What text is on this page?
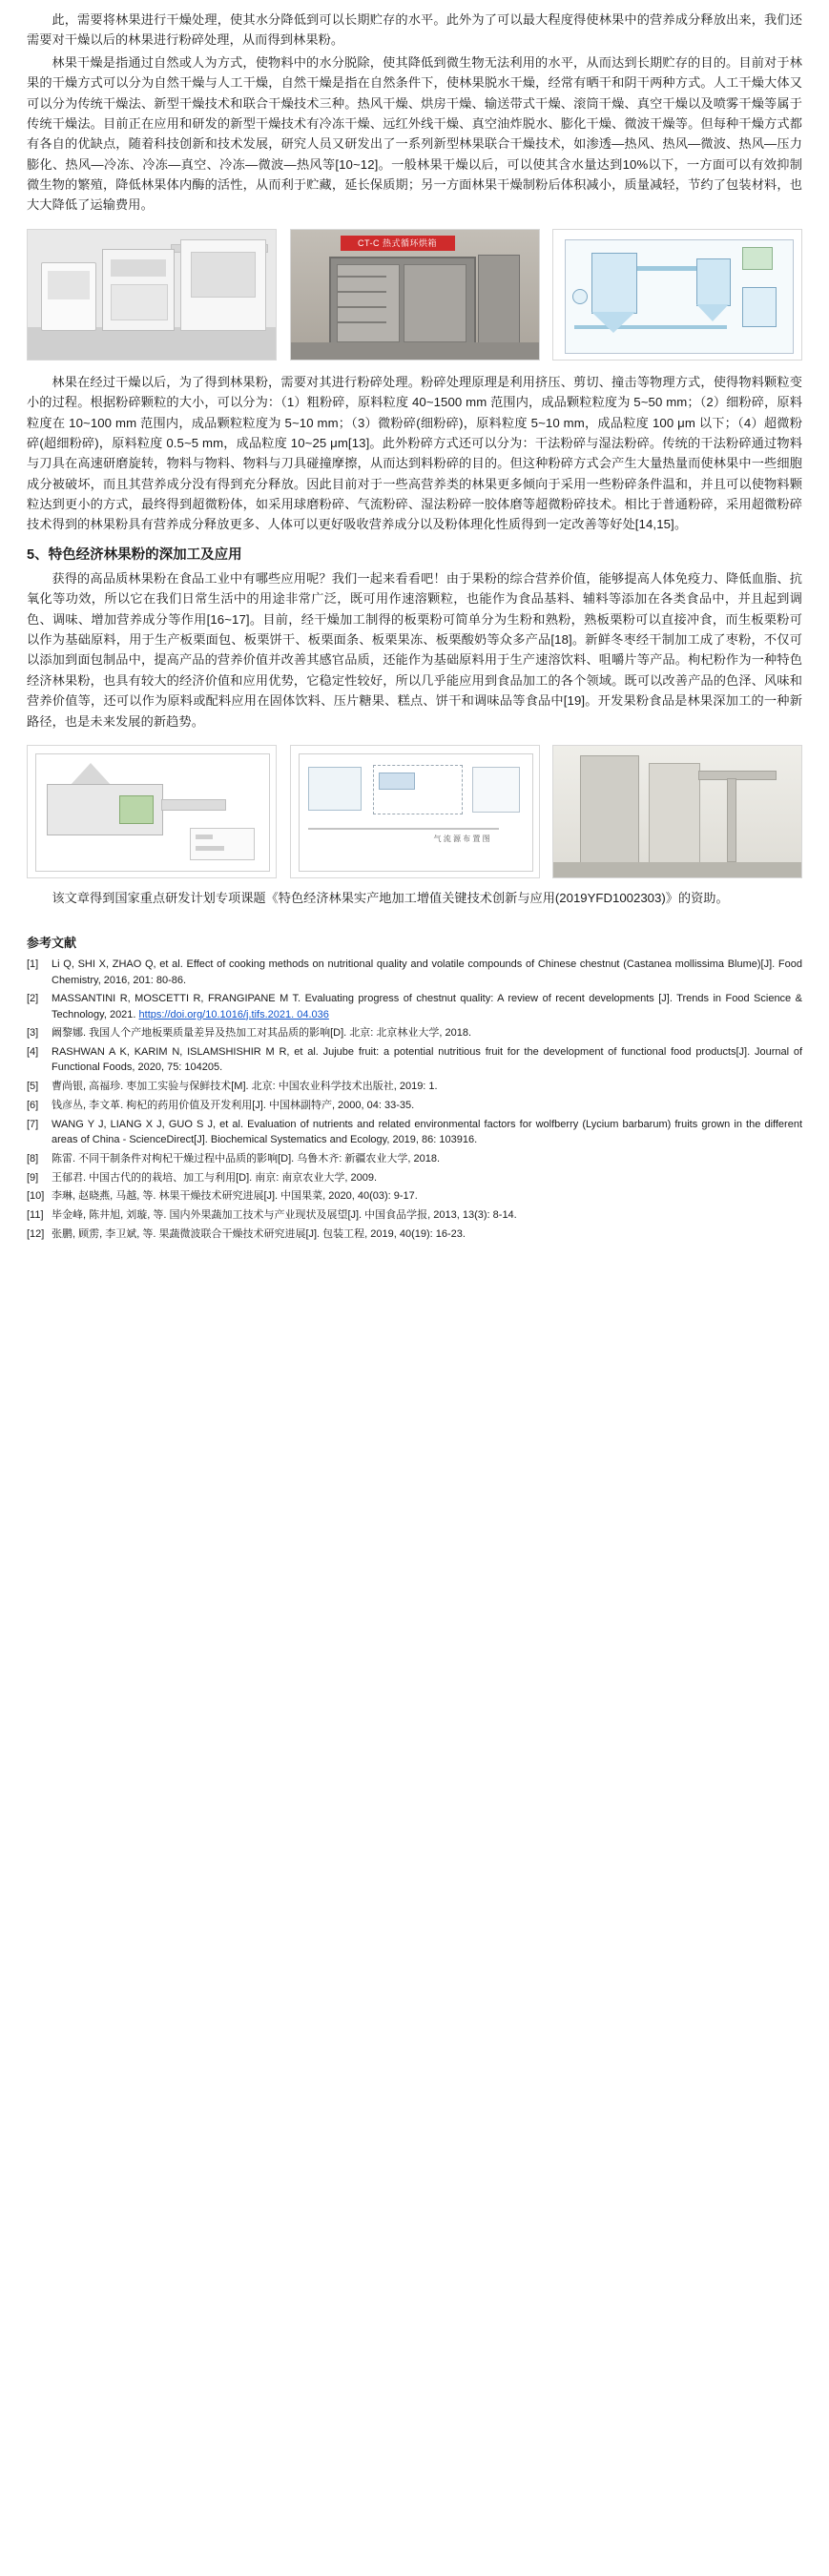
此，需要将林果进行干燥处理，使其水分降低到可以长期贮存的水平。此外为了可以最大程度得使林果中的营养成分释放出来，我们还需要对干燥以后的林果进行粉碎处理，从而得到林果粉。

林果干燥是指通过自然或人为方式，使物料中的水分脱除，使其降低到微生物无法利用的水平，从而达到长期贮存的目的。目前对于林果的干燥方式可以分为自然干燥与人工干燥，自然干燥是指在自然条件下，使林果脱水干燥，经常有晒干和阴干两种方式。人工干燥大体又可以分为传统干燥法、新型干燥技术和联合干燥技术三种。热风干燥、烘房干燥、输送带式干燥、滚筒干燥、真空干燥以及喷雾干燥等属于传统干燥法。目前正在应用和研发的新型干燥技术有冷冻干燥、远红外线干燥、真空油炸脱水、膨化干燥、微波干燥等。但每种干燥方式都有各自的优缺点，随着科技创新和技术发展，研究人员又研发出了一系列新型林果联合干燥技术，如渗透—热风、热风—微波、热风—压力膨化、热风—冷冻、冷冻—真空、冷冻—微波—热风等[10~12]。一般林果干燥以后，可以使其含水量达到10%以下，一方面可以有效抑制微生物的繁殖，降低林果体内酶的活性，从而利于贮藏，延长保质期；另一方面林果干燥制粉后体积减小，质量减轻，节约了包装材料，也大大降低了运输费用。

CT-C 热式循环烘箱

林果在经过干燥以后，为了得到林果粉，需要对其进行粉碎处理。粉碎处理原理是利用挤压、剪切、撞击等物理方式，使得物料颗粒变小的过程。根据粉碎颗粒的大小，可以分为：（1）粗粉碎，原料粒度 40~1500 mm 范围内，成品颗粒粒度为 5~50 mm；（2）细粉碎，原料粒度在 10~100 mm 范围内，成品颗粒粒度为 5~10 mm；（3）微粉碎(细粉碎)，原料粒度 5~10 mm，成品粒度 100 μm 以下；（4）超微粉碎(超细粉碎)，原料粒度 0.5~5 mm，成品粒度 10~25 μm[13]。此外粉碎方式还可以分为：干法粉碎与湿法粉碎。传统的干法粉碎通过物料与刀具在高速研磨旋转，物料与物料、物料与刀具碰撞摩擦，从而达到料粉碎的目的。但这种粉碎方式会产生大量热量而使林果中一些细胞成分被破坏，而且其营养成分没有得到充分释放。因此目前对于一些高营养类的林果更多倾向于采用一些粉碎条件温和，并且可以使物料颗粒达到更小的方式，最终得到超微粉体，如采用球磨粉碎、气流粉碎、湿法粉碎一胶体磨等超微粉碎技术。相比于普通粉碎，采用超微粉碎技术得到的林果粉具有营养成分释放更多、人体可以更好吸收营养成分以及粉体理化性质得到一定改善等好处[14,15]。

5、特色经济林果粉的深加工及应用

获得的高品质林果粉在食品工业中有哪些应用呢？我们一起来看看吧！由于果粉的综合营养价值，能够提高人体免疫力、降低血脂、抗氧化等功效，所以它在我们日常生活中的用途非常广泛，既可用作速溶颗粒，也能作为食品基料、辅料等添加在各类食品中，并且起到调色、调味、增加营养成分等作用[16~17]。目前，经干燥加工制得的板栗粉可简单分为生粉和熟粉，熟板栗粉可以直接冲食，而生板栗粉可以作为基础原料，用于生产板栗面包、板栗饼干、板栗面条、板栗果冻、板栗酸奶等众多产品[18]。新鲜冬枣经干制加工成了枣粉，不仅可以添加到面包制品中，提高产品的营养价值并改善其感官品质，还能作为基础原料用于生产速溶饮料、咀嚼片等产品。枸杞粉作为一种特色经济林果粉，也具有较大的经济价值和应用优势，它稳定性较好，所以几乎能应用到食品加工的各个领域。既可以改善产品的色泽、风味和营养价值等，还可以作为原料或配料应用在固体饮料、压片糖果、糕点、饼干和调味品等食品中[19]。开发果粉食品是林果深加工的一种新路径，也是未来发展的新趋势。

气 流 源 布 置 图

该文章得到国家重点研发计划专项课题《特色经济林果实产地加工增值关键技术创新与应用(2019YFD1002303)》的资助。

参考文献
[1]	Li Q, SHI X, ZHAO Q, et al. Effect of cooking methods on nutritional quality and volatile compounds of Chinese chestnut (Castanea mollissima Blume)[J]. Food Chemistry, 2016, 201: 80-86.
[2]	MASSANTINI R, MOSCETTI R, FRANGIPANE M T. Evaluating progress of chestnut quality: A review of recent developments [J]. Trends in Food Science & Technology, 2021. https://doi.org/10.1016/j.tifs.2021. 04.036
[3]	阚黎娜. 我国人个产地板栗质量差异及热加工对其品质的影响[D]. 北京: 北京林业大学, 2018.
[4]	RASHWAN A K, KARIM N, ISLAMSHISHIR M R, et al. Jujube fruit: a potential nutritious fruit for the development of functional food products[J]. Journal of Functional Foods, 2020, 75: 104205.
[5]	曹尚银, 高福珍. 枣加工实验与保鲜技术[M]. 北京: 中国农业科学技术出版社, 2019: 1.
[6]	钱彦丛, 李文革. 枸杞的药用价值及开发利用[J]. 中国林副特产, 2000, 04: 33-35.
[7]	WANG Y J, LIANG X J, GUO S J, et al. Evaluation of nutrients and related environmental factors for wolfberry (Lycium barbarum) fruits grown in the different areas of China - ScienceDirect[J]. Biochemical Systematics and Ecology, 2019, 86: 103916.
[8]	陈雷. 不同干制条件对枸杞干燥过程中品质的影响[D]. 乌鲁木齐: 新疆农业大学, 2018.
[9]	王郁君. 中国古代的的栽培、加工与利用[D]. 南京: 南京农业大学, 2009.
[10] 李琳, 赵晓燕, 马越, 等. 林果干燥技术研究进展[J]. 中国果菜, 2020, 40(03): 9-17.
[11] 毕金峰, 陈井旭, 刘璇, 等. 国内外果蔬加工技术与产业现状及展望[J]. 中国食品学报, 2013, 13(3): 8-14.
[12] 张鹏, 顾雳, 李卫斌, 等. 果蔬微波联合干燥技术研究进展[J]. 包装工程, 2019, 40(19): 16-23.
